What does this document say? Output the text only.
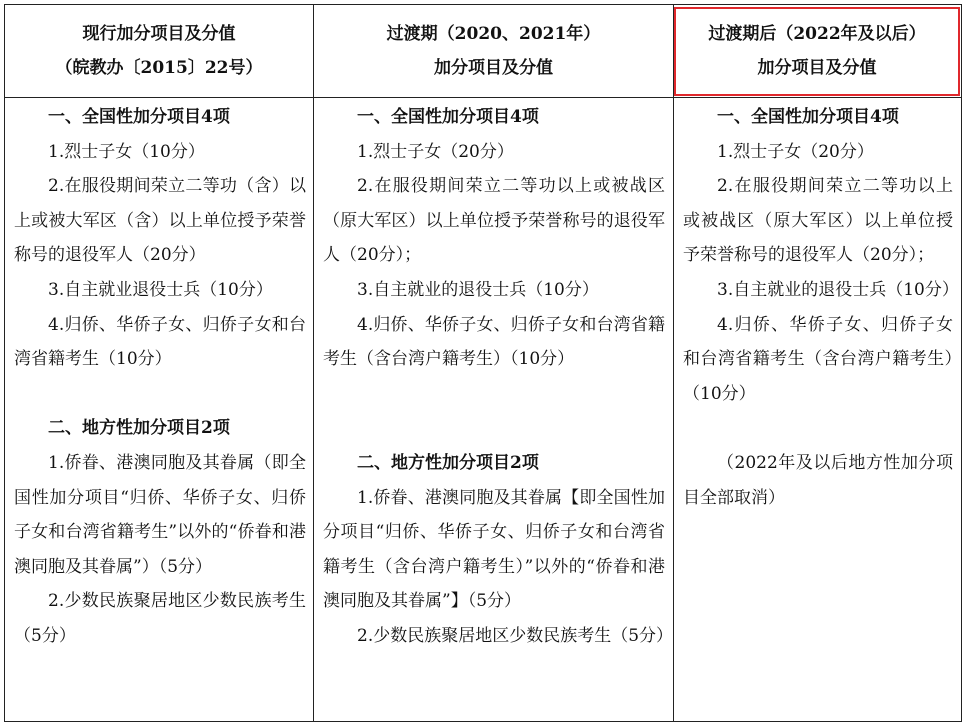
现行加分项目及分值
（皖教办〔2015〕22号）
过渡期（2020、2021年）
加分项目及分值
过渡期后（2022年及以后）
加分项目及分值

一、全国性加分项目4项

1.烈士子女（10分）

2.在服役期间荣立二等功（含）以上或被大军区（含）以上单位授予荣誉称号的退役军人（20分）

3.自主就业退役士兵（10分）

4.归侨、华侨子女、归侨子女和台湾省籍考生（10分）

二、地方性加分项目2项

1.侨眷、港澳同胞及其眷属（即全国性加分项目“归侨、华侨子女、归侨子女和台湾省籍考生”以外的“侨眷和港澳同胞及其眷属”）（5分）

2.少数民族聚居地区少数民族考生（5分）

一、全国性加分项目4项

1.烈士子女（20分）

2.在服役期间荣立二等功以上或被战区（原大军区）以上单位授予荣誉称号的退役军人（20分）；

3.自主就业的退役士兵（10分）

4.归侨、华侨子女、归侨子女和台湾省籍考生（含台湾户籍考生）（10分）

二、地方性加分项目2项

1.侨眷、港澳同胞及其眷属【即全国性加分项目“归侨、华侨子女、归侨子女和台湾省籍考生（含台湾户籍考生）”以外的“侨眷和港澳同胞及其眷属”】（5分）

2.少数民族聚居地区少数民族考生（5分）

一、全国性加分项目4项

1.烈士子女（20分）

2.在服役期间荣立二等功以上或被战区（原大军区）以上单位授予荣誉称号的退役军人（20分）；

3.自主就业的退役士兵（10分）

4.归侨、华侨子女、归侨子女和台湾省籍考生（含台湾户籍考生）（10分）

（2022年及以后地方性加分项目全部取消）
